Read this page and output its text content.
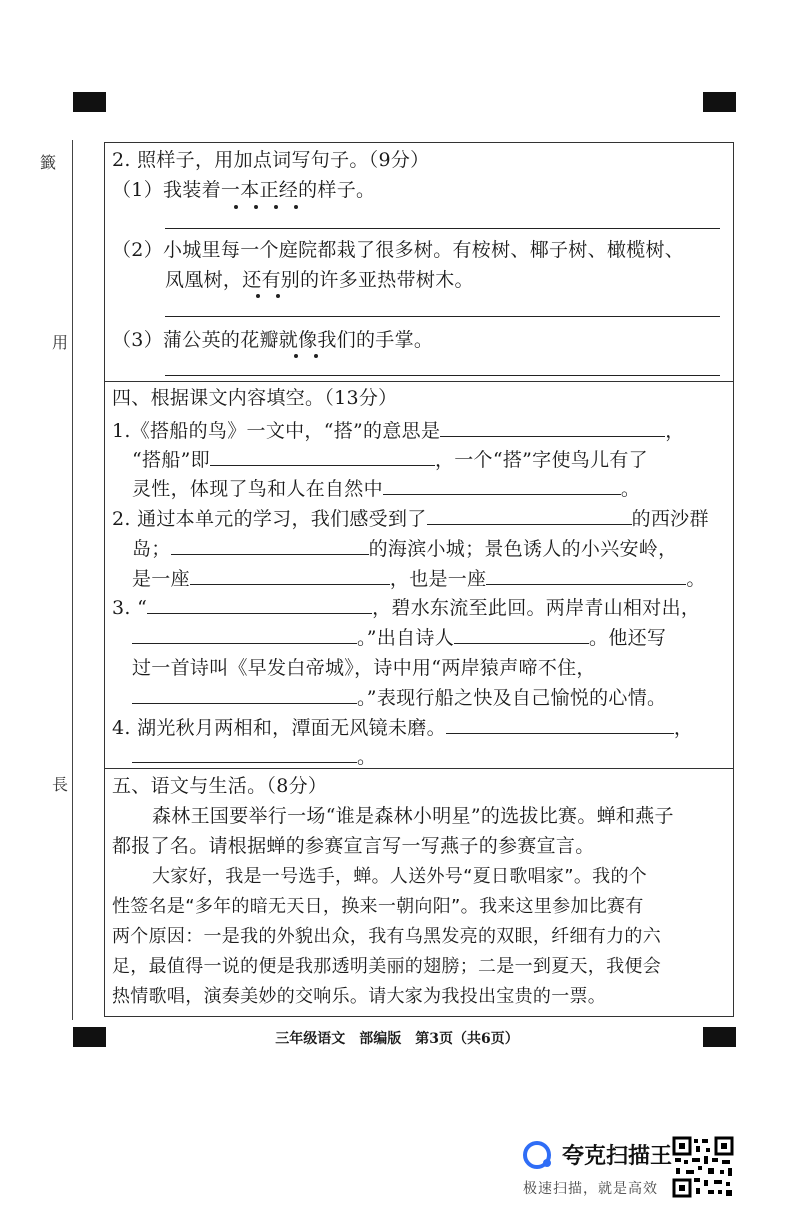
籤
用
長
2. 照样子，用加点词写句子。（9分）
（1）我装着一本正经的样子。
（2）小城里每一个庭院都栽了很多树。有桉树、椰子树、橄榄树、
凤凰树，还有别的许多亚热带树木。
（3）蒲公英的花瓣就像我们的手掌。
四、根据课文内容填空。（13分）
1.《搭船的鸟》一文中，“搭”的意思是	，
“搭船”即	，一个“搭”字使鸟儿有了
灵性，体现了鸟和人在自然中	。
2. 通过本单元的学习，我们感受到了	的西沙群
岛；	的海滨小城；景色诱人的小兴安岭，
是一座	，也是一座	。
3. “	，碧水东流至此回。两岸青山相对出，
。”出自诗人	。他还写
过一首诗叫《早发白帝城》，诗中用“两岸猿声啼不住，
。”表现行船之快及自己愉悦的心情。
4. 湖光秋月两相和，潭面无风镜未磨。	，
。
五、语文与生活。（8分）
森林王国要举行一场“谁是森林小明星”的选拔比赛。蝉和燕子
都报了名。请根据蝉的参赛宣言写一写燕子的参赛宣言。
大家好，我是一号选手，蝉。人送外号“夏日歌唱家”。我的个
性签名是“多年的暗无天日，换来一朝向阳”。我来这里参加比赛有
两个原因：一是我的外貌出众，我有乌黑发亮的双眼，纤细有力的六
足，最值得一说的便是我那透明美丽的翅膀；二是一到夏天，我便会
热情歌唱，演奏美妙的交响乐。请大家为我投出宝贵的一票。
三年级语文　部编版　第3页（共6页）
夸克扫描王
极速扫描，就是高效
